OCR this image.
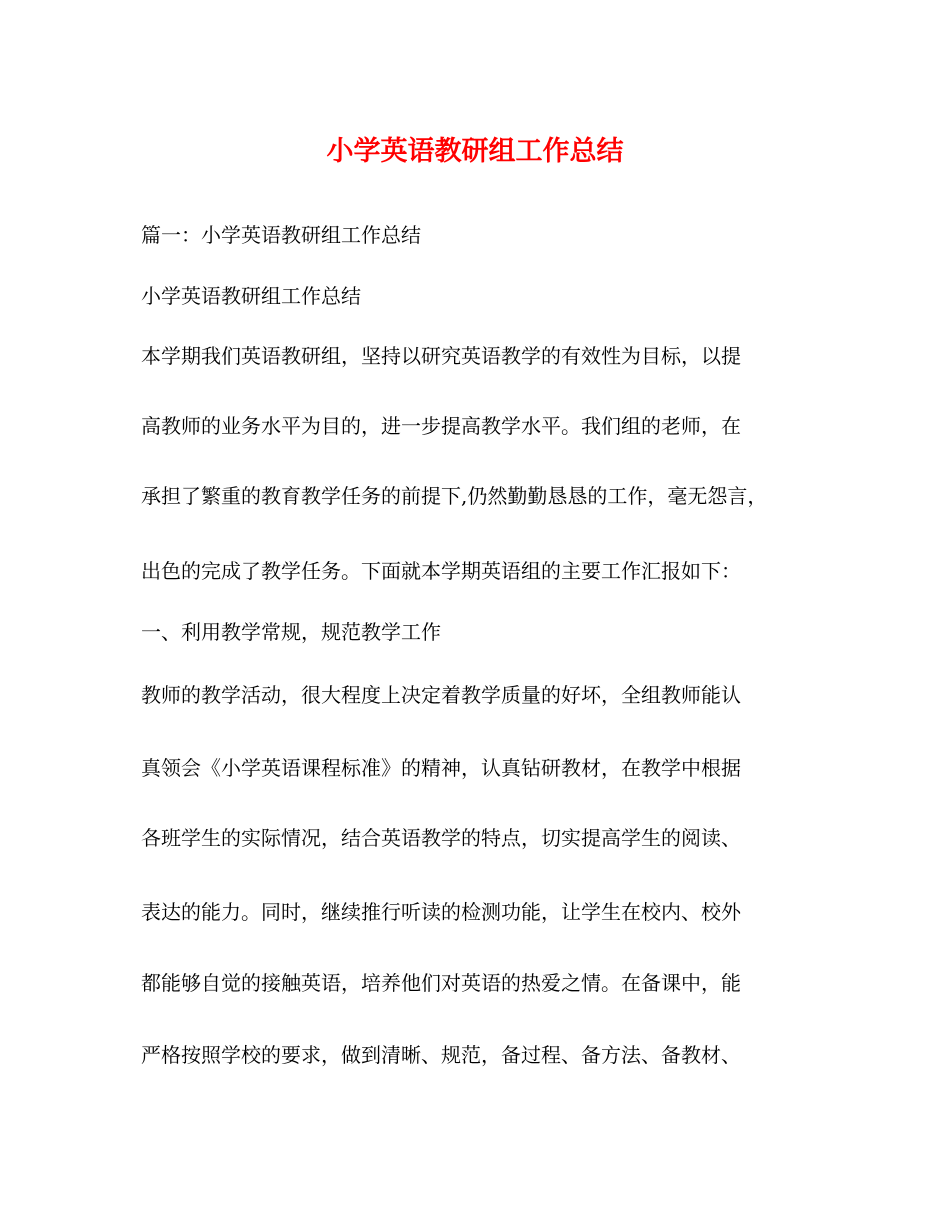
小学英语教研组工作总结

篇一：小学英语教研组工作总结

小学英语教研组工作总结

本学期我们英语教研组，坚持以研究英语教学的有效性为目标，以提

高教师的业务水平为目的，进一步提高教学水平。我们组的老师，在

承担了繁重的教育教学任务的前提下,仍然勤勤恳恳的工作，毫无怨言，

出色的完成了教学任务。下面就本学期英语组的主要工作汇报如下：

一、利用教学常规，规范教学工作

教师的教学活动，很大程度上决定着教学质量的好坏，全组教师能认

真领会《小学英语课程标准》的精神，认真钻研教材，在教学中根据

各班学生的实际情况，结合英语教学的特点，切实提高学生的阅读、

表达的能力。同时，继续推行听读的检测功能，让学生在校内、校外

都能够自觉的接触英语，培养他们对英语的热爱之情。在备课中，能

严格按照学校的要求，做到清晰、规范，备过程、备方法、备教材、
